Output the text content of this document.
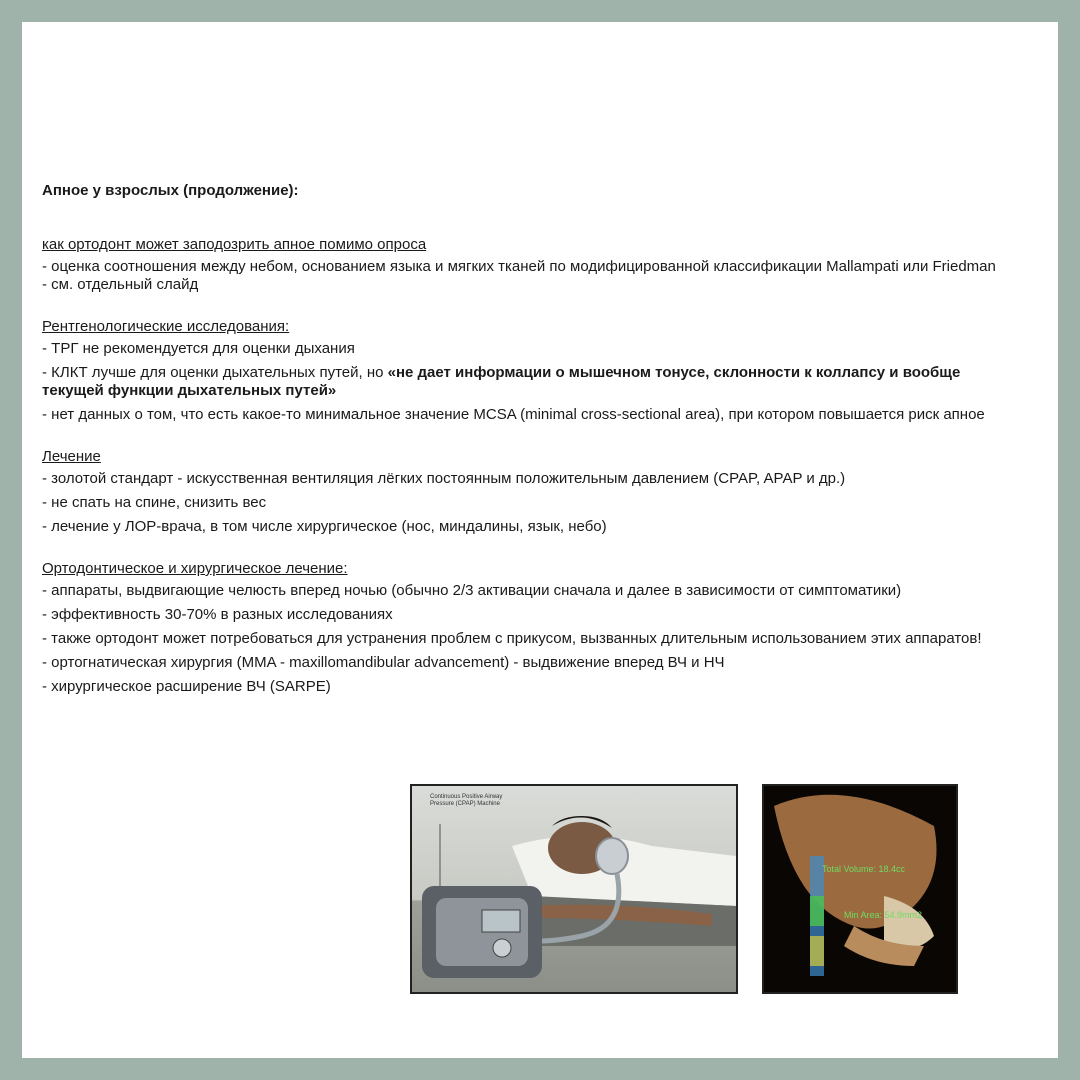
Апное у взрослых (продолжение):

как ортодонт может заподозрить апное помимо опроса

- оценка соотношения между небом, основанием языка и мягких тканей по модифицированной классификации Mallampati или Friedman - см. отдельный слайд

Рентгенологические исследования:

- ТРГ не рекомендуется для оценки дыхания

- КЛКТ лучше для оценки дыхательных путей, но «не дает информации о мышечном тонусе, склонности к коллапсу и вообще текущей функции дыхательных путей»

- нет данных о том, что есть какое-то минимальное значение MCSA (minimal cross-sectional area), при котором повышается риск апное

Лечение

- золотой стандарт - искусственная вентиляция лёгких постоянным положительным давлением (CPAP, APAP и др.)

- не спать на спине, снизить вес

- лечение у ЛОР-врача, в том числе хирургическое (нос, миндалины, язык, небо)

Ортодонтическое и хирургическое лечение:

- аппараты, выдвигающие челюсть вперед ночью (обычно 2/3 активации сначала и далее в зависимости от симптоматики)

- эффективность 30-70% в разных исследованиях

- также ортодонт может потребоваться для устранения проблем с прикусом, вызванных длительным использованием этих аппаратов!

- ортогнатическая хирургия (MMA - maxillomandibular advancement) - выдвижение вперед ВЧ и НЧ

- хирургическое расширение ВЧ (SARPE)

Continuous Positive Airway Pressure (CPAP) Machine
Total Volume: 18.4cc
Min Area: 54.9mm2
